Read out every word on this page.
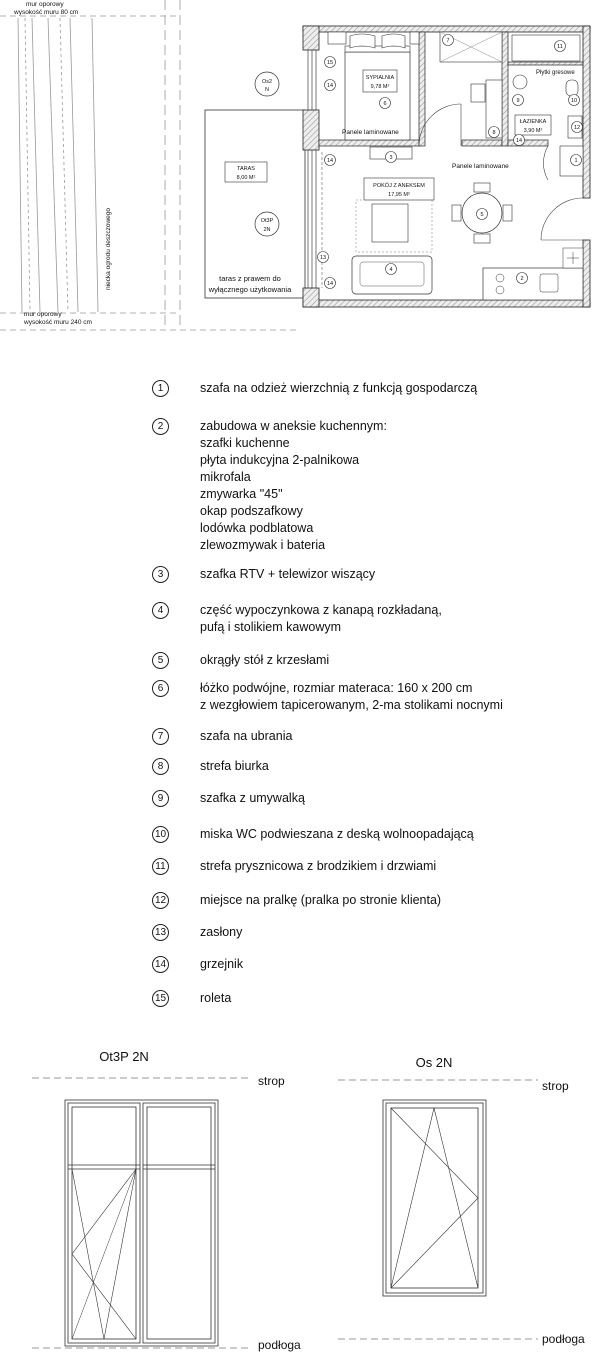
mur oporowy
wysokość muru 80 cm
mur oporowy
wysokość muru 240 cm
niecka ogrodu deszczowego
TARAS
8,00 M²
taras z prawem do
wyłącznego użytkowania
Os2
N
Ot3P
2N
SYPIALNIA
9,78 M²
Panele laminowane
Płytki gresowe
ŁAZIENKA
3,90 M²
Panele laminowane
POKÓJ Z ANEKSEM
17,95 M²
1
2
3
4
5
6
7
8
9	10
11
12
13
14
14
14
14
15
1	szafa na odzież wierzchnią z funkcją gospodarczą
2	zabudowa w aneksie kuchennym:
szafki kuchenne
płyta indukcyjna 2-palnikowa
mikrofala
zmywarka "45"
okap podszafkowy
lodówka podblatowa
zlewozmywak i bateria
3	szafka RTV + telewizor wiszący
4	część wypoczynkowa z kanapą rozkładaną,
pufą i stolikiem kawowym
5	okrągły stół z krzesłami
6	łóżko podwójne, rozmiar materaca: 160 x 200 cm
z wezgłowiem tapicerowanym, 2-ma stolikami nocnymi
7	szafa na ubrania
8	strefa biurka
9	szafka z umywalką
10	miska WC podwieszana z deską wolnoopadającą
11	strefa prysznicowa z brodzikiem i drzwiami
12	miejsce na pralkę (pralka po stronie klienta)
13	zasłony
14	grzejnik
15	roleta
Ot3P 2N	Os 2N
strop
podłoga
strop
podłoga
